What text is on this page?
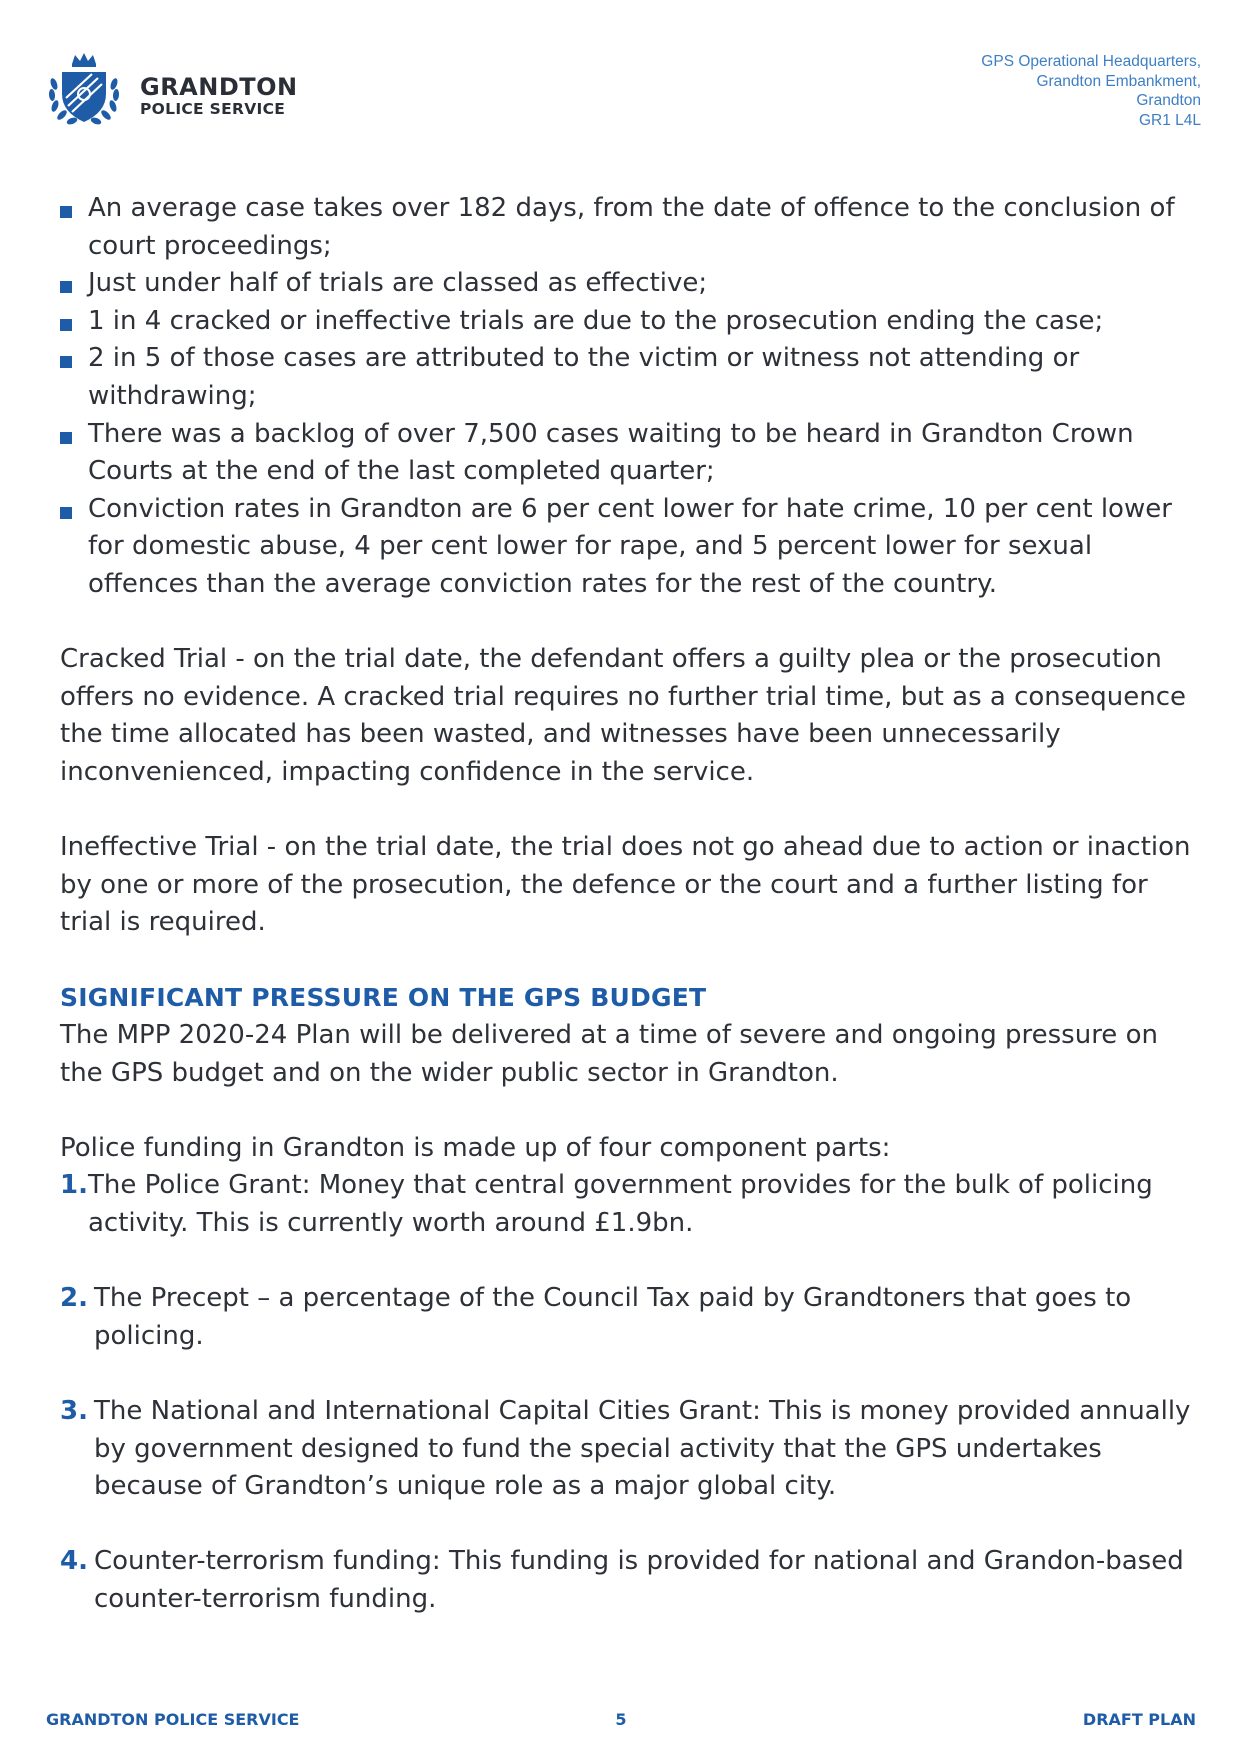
GRANDTON
POLICE SERVICE
GPS Operational Headquarters,
Grandton Embankment,
Grandton
GR1 L4L
An average case takes over 182 days, from the date of offence to the conclusion of court proceedings;
Just under half of trials are classed as effective;
1 in 4 cracked or ineffective trials are due to the prosecution ending the case;
2 in 5 of those cases are attributed to the victim or witness not attending or withdrawing;
There was a backlog of over 7,500 cases waiting to be heard in Grandton Crown Courts at the end of the last completed quarter;
Conviction rates in Grandton are 6 per cent lower for hate crime, 10 per cent lower for domestic abuse, 4 per cent lower for rape, and 5 percent lower for sexual offences than the average conviction rates for the rest of the country.

Cracked Trial - on the trial date, the defendant offers a guilty plea or the prosecution offers no evidence. A cracked trial requires no further trial time, but as a consequence the time allocated has been wasted, and witnesses have been unnecessarily inconvenienced, impacting confidence in the service.

Ineffective Trial - on the trial date, the trial does not go ahead due to action or inaction by one or more of the prosecution, the defence or the court and a further listing for trial is required.

SIGNIFICANT PRESSURE ON THE GPS BUDGET

The MPP 2020-24 Plan will be delivered at a time of severe and ongoing pressure on the GPS budget and on the wider public sector in Grandton.

Police funding in Grandton is made up of four component parts:

1. The Police Grant: Money that central government provides for the bulk of policing activity. This is currently worth around £1.9bn.
2. The Precept – a percentage of the Council Tax paid by Grandtoners that goes to policing.
3. The National and International Capital Cities Grant: This is money provided annually by government designed to fund the special activity that the GPS undertakes because of Grandton’s unique role as a major global city.
4. Counter-terrorism funding: This funding is provided for national and Grandon-based counter-terrorism funding.
GRANDTON POLICE SERVICE	5	DRAFT PLAN
